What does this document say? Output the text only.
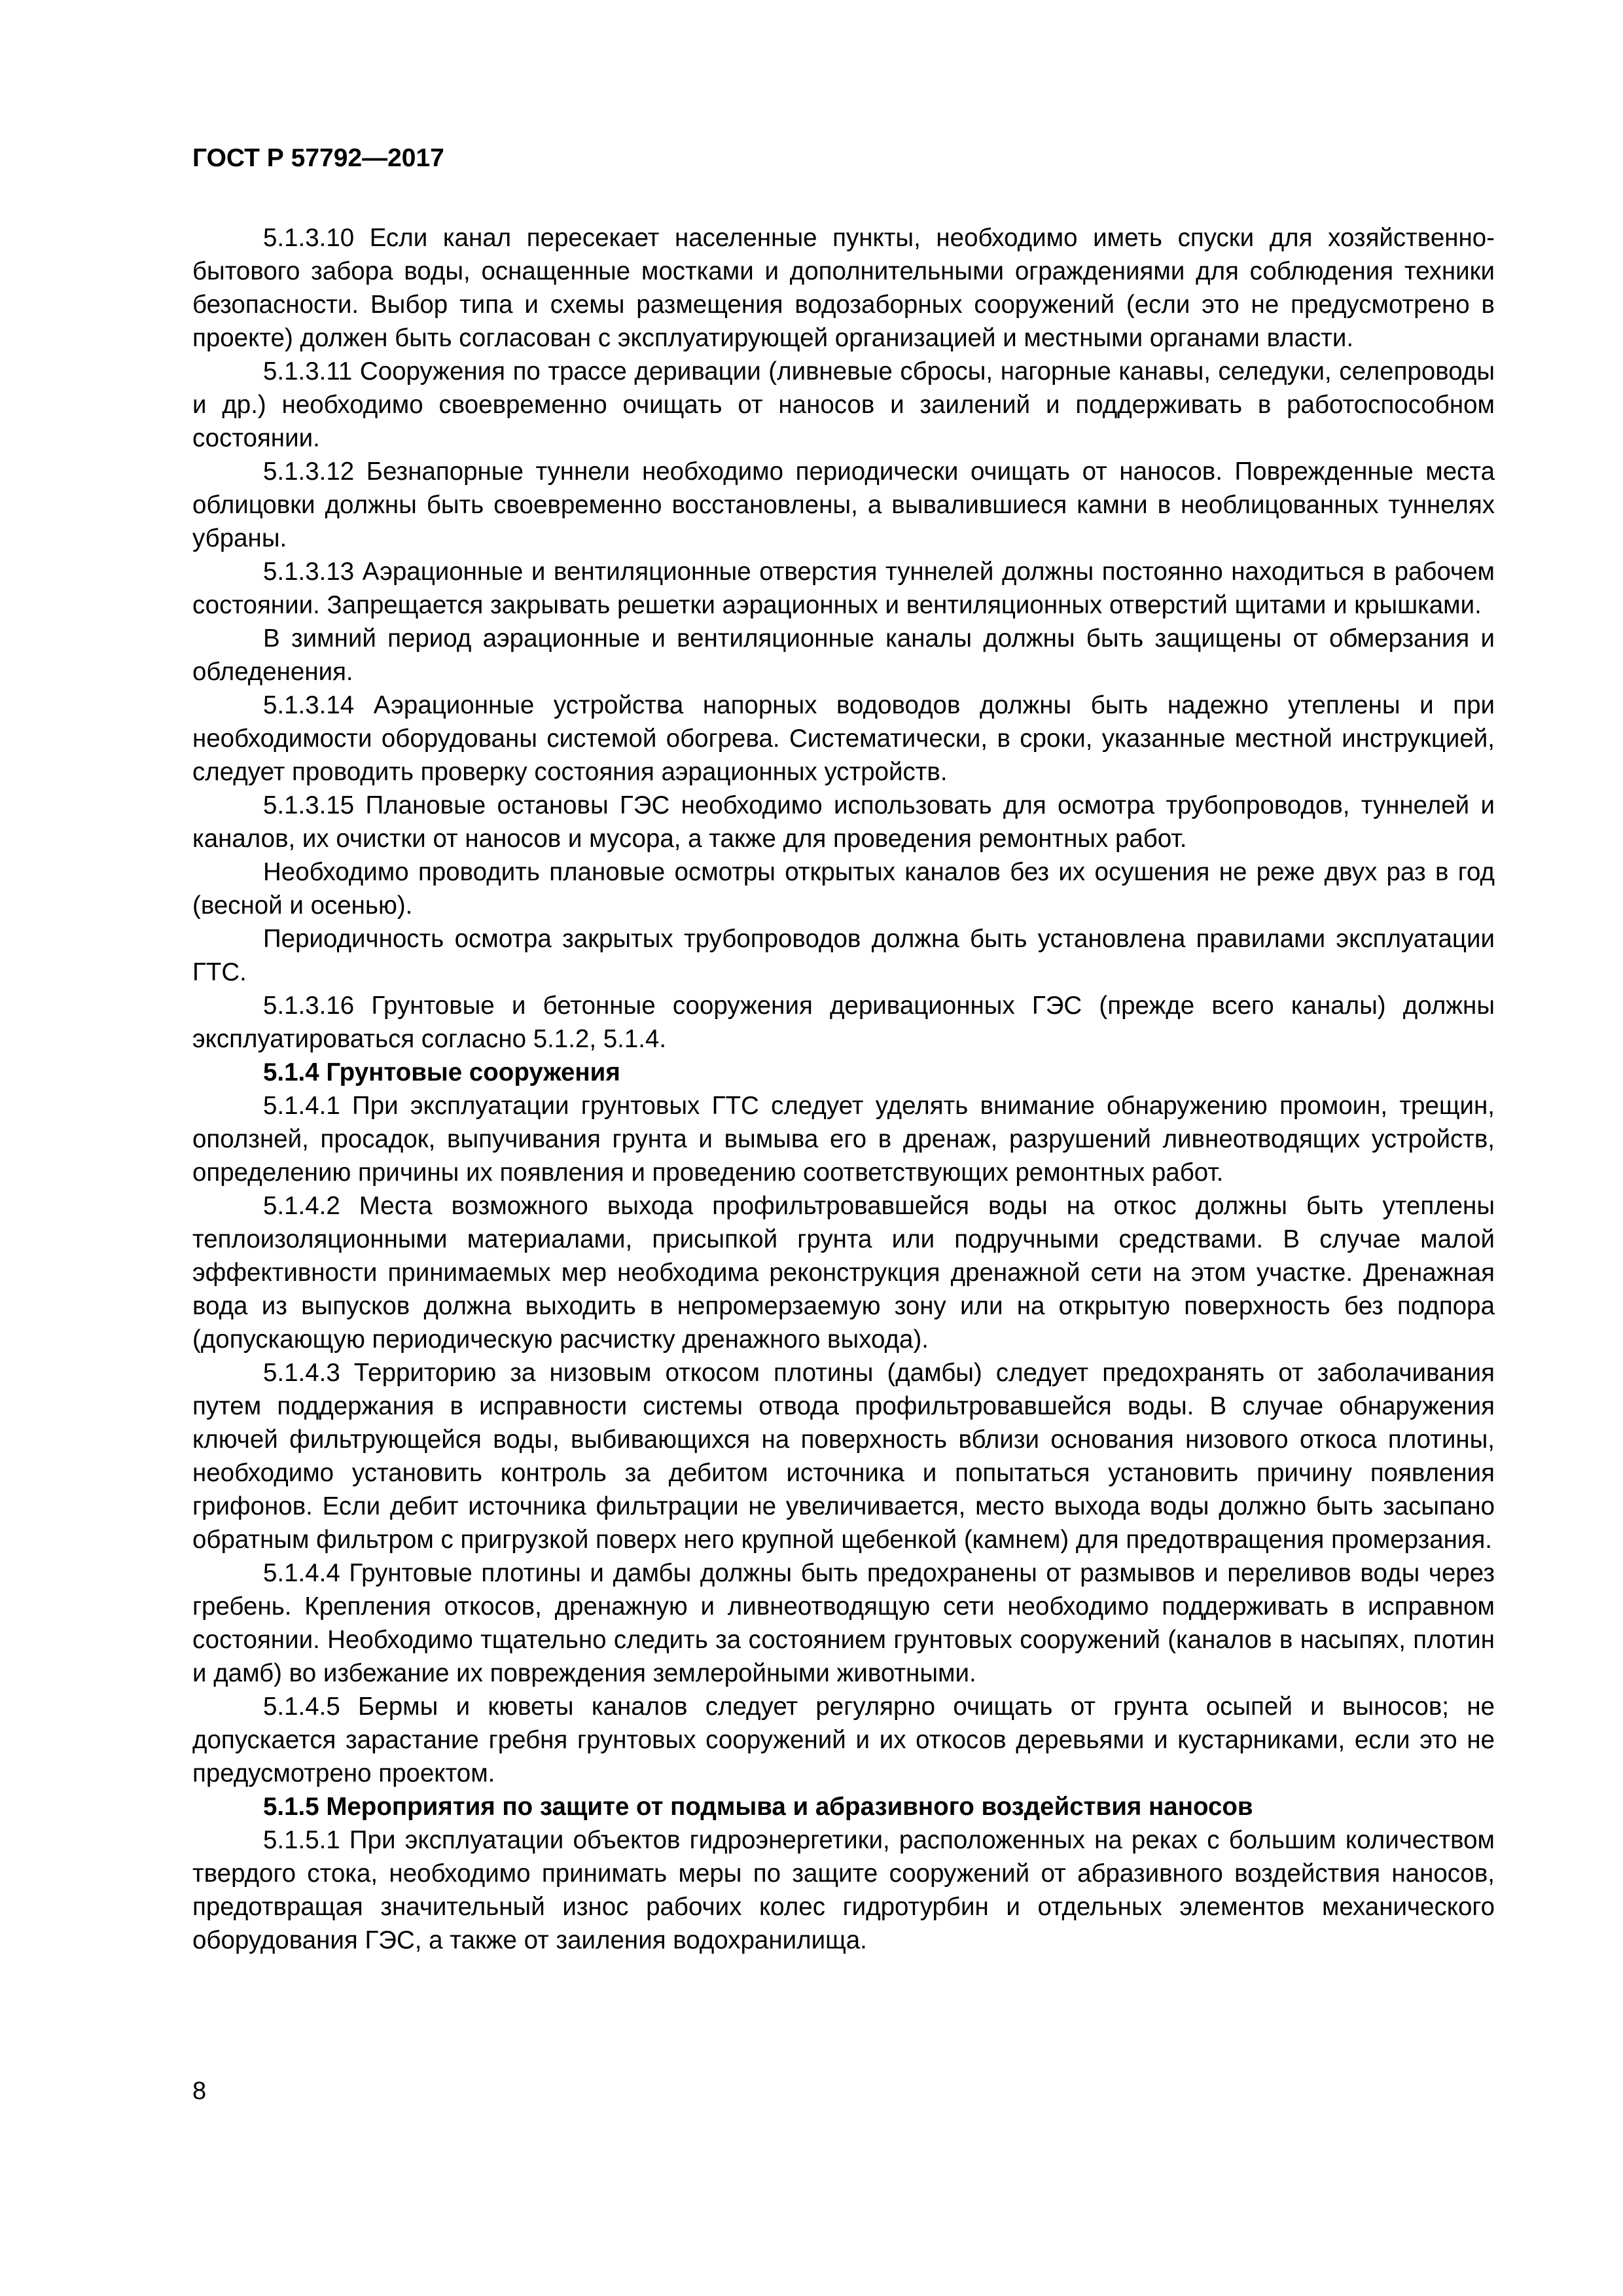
ГОСТ Р 57792—2017

5.1.3.10 Если канал пересекает населенные пункты, необходимо иметь спуски для хозяйственно-бытового забора воды, оснащенные мостками и дополнительными ограждениями для соблюдения техники безопасности. Выбор типа и схемы размещения водозаборных сооружений (если это не предусмотрено в проекте) должен быть согласован с эксплуатирующей организацией и местными органами власти.

5.1.3.11 Сооружения по трассе деривации (ливневые сбросы, нагорные канавы, селедуки, селепроводы и др.) необходимо своевременно очищать от наносов и заилений и поддерживать в работоспособном состоянии.

5.1.3.12 Безнапорные туннели необходимо периодически очищать от наносов. Поврежденные места облицовки должны быть своевременно восстановлены, а вывалившиеся камни в необлицованных туннелях убраны.

5.1.3.13 Аэрационные и вентиляционные отверстия туннелей должны постоянно находиться в рабочем состоянии. Запрещается закрывать решетки аэрационных и вентиляционных отверстий щитами и крышками.

В зимний период аэрационные и вентиляционные каналы должны быть защищены от обмерзания и обледенения.

5.1.3.14 Аэрационные устройства напорных водоводов должны быть надежно утеплены и при необходимости оборудованы системой обогрева. Систематически, в сроки, указанные местной инструкцией, следует проводить проверку состояния аэрационных устройств.

5.1.3.15 Плановые остановы ГЭС необходимо использовать для осмотра трубопроводов, туннелей и каналов, их очистки от наносов и мусора, а также для проведения ремонтных работ.

Необходимо проводить плановые осмотры открытых каналов без их осушения не реже двух раз в год (весной и осенью).

Периодичность осмотра закрытых трубопроводов должна быть установлена правилами эксплуатации ГТС.

5.1.3.16 Грунтовые и бетонные сооружения деривационных ГЭС (прежде всего каналы) должны эксплуатироваться согласно 5.1.2, 5.1.4.

5.1.4 Грунтовые сооружения

5.1.4.1 При эксплуатации грунтовых ГТС следует уделять внимание обнаружению промоин, трещин, оползней, просадок, выпучивания грунта и вымыва его в дренаж, разрушений ливнеотводящих устройств, определению причины их появления и проведению соответствующих ремонтных работ.

5.1.4.2 Места возможного выхода профильтровавшейся воды на откос должны быть утеплены теплоизоляционными материалами, присыпкой грунта или подручными средствами. В случае малой эффективности принимаемых мер необходима реконструкция дренажной сети на этом участке. Дренажная вода из выпусков должна выходить в непромерзаемую зону или на открытую поверхность без подпора (допускающую периодическую расчистку дренажного выхода).

5.1.4.3 Территорию за низовым откосом плотины (дамбы) следует предохранять от заболачивания путем поддержания в исправности системы отвода профильтровавшейся воды. В случае обнаружения ключей фильтрующейся воды, выбивающихся на поверхность вблизи основания низового откоса плотины, необходимо установить контроль за дебитом источника и попытаться установить причину появления грифонов. Если дебит источника фильтрации не увеличивается, место выхода воды должно быть засыпано обратным фильтром с пригрузкой поверх него крупной щебенкой (камнем) для предотвращения промерзания.

5.1.4.4 Грунтовые плотины и дамбы должны быть предохранены от размывов и переливов воды через гребень. Крепления откосов, дренажную и ливнеотводящую сети необходимо поддерживать в исправном состоянии. Необходимо тщательно следить за состоянием грунтовых сооружений (каналов в насыпях, плотин и дамб) во избежание их повреждения землеройными животными.

5.1.4.5 Бермы и кюветы каналов следует регулярно очищать от грунта осыпей и выносов; не допускается зарастание гребня грунтовых сооружений и их откосов деревьями и кустарниками, если это не предусмотрено проектом.

5.1.5 Мероприятия по защите от подмыва и абразивного воздействия наносов

5.1.5.1 При эксплуатации объектов гидроэнергетики, расположенных на реках с большим количеством твердого стока, необходимо принимать меры по защите сооружений от абразивного воздействия наносов, предотвращая значительный износ рабочих колес гидротурбин и отдельных элементов механического оборудования ГЭС, а также от заиления водохранилища.

8
